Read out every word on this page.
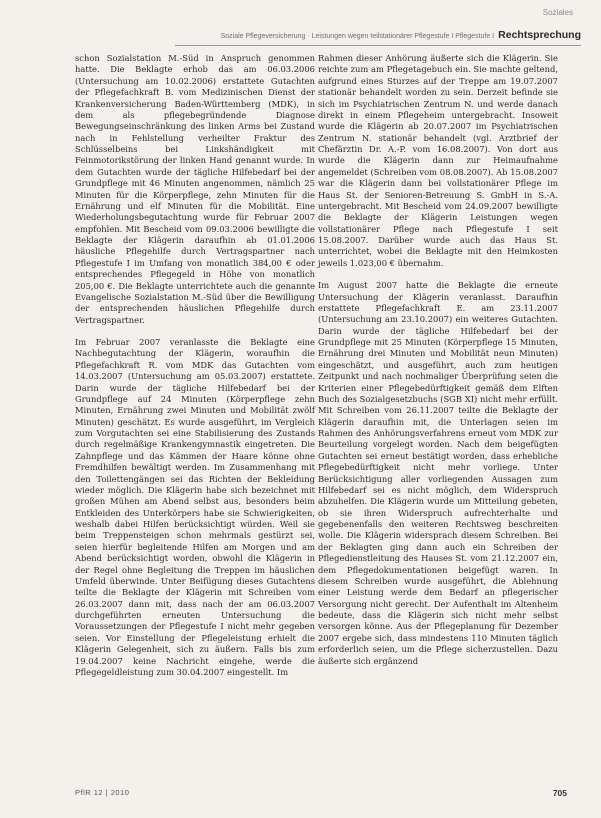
Soziales
Soziale Pflegeversicherung · Leistungen wegen teilstationärer Pflegestufe I Pflegestufe I Rechtsprechung

schon Sozialstation M.-Süd in Anspruch genommen hatte. Die Beklagte erhob das am 06.03.2006 (Untersuchung am 10.02.2006) erstattete Gutachten der Pflegefachkraft B. vom Medizinischen Dienst der Krankenversicherung Baden-Württemberg (MDK), in dem als pflegebegründende Diagnose Bewegungseinschränkung des linken Arms bei Zustand nach in Fehlstellung verheilter Fraktur des Schlüsselbeins bei Linkshändigkeit mit Feinmotorikstörung der linken Hand genannt wurde. In dem Gutachten wurde der tägliche Hilfebedarf bei der Grundpflege mit 46 Minuten angenommen, nämlich 25 Minuten für die Körperpflege, zehn Minuten für die Ernährung und elf Minuten für die Mobilität. Eine Wiederholungsbegutachtung wurde für Februar 2007 empfohlen. Mit Bescheid vom 09.03.2006 bewilligte die Beklagte der Klägerin daraufhin ab 01.01.2006 häusliche Pflegehilfe durch Vertragspartner nach Pflegestufe I im Umfang von monatlich 384,00 € oder entsprechendes Pflegegeld in Höhe von monatlich 205,00 €. Die Beklagte unterrichtete auch die genannte Evangelische Sozialstation M.-Süd über die Bewilligung der entsprechenden häuslichen Pflegehilfe durch Vertragspartner.

Im Februar 2007 veranlasste die Beklagte eine Nachbegutachtung der Klägerin, woraufhin die Pflegefachkraft R. vom MDK das Gutachten vom 14.03.2007 (Untersuchung am 05.03.2007) erstattete. Darin wurde der tägliche Hilfebedarf bei der Grundpflege auf 24 Minuten (Körperpflege zehn Minuten, Ernährung zwei Minuten und Mobilität zwölf Minuten) geschätzt. Es wurde ausgeführt, im Vergleich zum Vorgutachten sei eine Stabilisierung des Zustands durch regelmäßige Krankengymnastik eingetreten. Die Zahnpflege und das Kämmen der Haare könne ohne Fremdhilfen bewältigt werden. Im Zusammenhang mit den Toilettengängen sei das Richten der Bekleidung wieder möglich. Die Klägerin habe sich bezeichnet mit großen Mühen am Abend selbst aus, besonders beim Entkleiden des Unterkörpers habe sie Schwierigkeiten, weshalb dabei Hilfen berücksichtigt würden. Weil sie beim Treppensteigen schon mehrmals gestürzt sei, seien hierfür begleitende Hilfen am Morgen und am Abend berücksichtigt worden, obwohl die Klägerin in der Regel ohne Begleitung die Treppen im häuslichen Umfeld überwinde. Unter Beifügung dieses Gutachtens teilte die Beklagte der Klägerin mit Schreiben vom 26.03.2007 dann mit, dass nach der am 06.03.2007 durchgeführten erneuten Untersuchung die Voraussetzungen der Pflegestufe I nicht mehr gegeben seien. Vor Einstellung der Pflegeleistung erhielt die Klägerin Gelegenheit, sich zu äußern. Falls bis zum 19.04.2007 keine Nachricht eingehe, werde die Pflegegeldleistung zum 30.04.2007 eingestellt. Im

Rahmen dieser Anhörung äußerte sich die Klägerin. Sie reichte zum am Pflegetagebuch ein. Sie machte geltend, aufgrund eines Sturzes auf der Treppe am 19.07.2007 stationär behandelt worden zu sein. Derzeit befinde sie sich im Psychiatrischen Zentrum N. und werde danach direkt in einem Pflegeheim untergebracht. Insoweit wurde die Klägerin ab 20.07.2007 im Psychiatrischen Zentrum N. stationär behandelt (vgl. Arztbrief der Chefärztin Dr. A.-P. vom 16.08.2007). Von dort aus wurde die Klägerin dann zur Heimaufnahme angemeldet (Schreiben vom 08.08.2007). Ab 15.08.2007 war die Klägerin dann bei vollstationärer Pflege im Haus St. der Senioren-Betreuung S. GmbH in S.-A. untergebracht. Mit Bescheid vom 24.09.2007 bewilligte die Beklagte der Klägerin Leistungen wegen vollstationärer Pflege nach Pflegestufe I seit 15.08.2007. Darüber wurde auch das Haus St. unterrichtet, wobei die Beklagte mit den Heimkosten jeweils 1.023,00 € übernahm.

Im August 2007 hatte die Beklagte die erneute Untersuchung der Klägerin veranlasst. Daraufhin erstattete Pflegefachkraft E. am 23.11.2007 (Untersuchung am 23.10.2007) ein weiteres Gutachten. Darin wurde der tägliche Hilfebedarf bei der Grundpflege mit 25 Minuten (Körperpflege 15 Minuten, Ernährung drei Minuten und Mobilität neun Minuten) eingeschätzt, und ausgeführt, auch zum heutigen Zeitpunkt und nach nochmaliger Überprüfung seien die Kriterien einer Pflegebedürftigkeit gemäß dem Elften Buch des Sozialgesetzbuchs (SGB XI) nicht mehr erfüllt. Mit Schreiben vom 26.11.2007 teilte die Beklagte der Klägerin daraufhin mit, die Unterlagen seien im Rahmen des Anhörungsverfahrens erneut vom MDK zur Beurteilung vorgelegt worden. Nach dem beigefügten Gutachten sei erneut bestätigt worden, dass erhebliche Pflegebedürftigkeit nicht mehr vorliege. Unter Berücksichtigung aller vorliegenden Aussagen zum Hilfebedarf sei es nicht möglich, dem Widerspruch abzuhelfen. Die Klägerin wurde um Mitteilung gebeten, ob sie ihren Widerspruch aufrechterhalte und gegebenenfalls den weiteren Rechtsweg beschreiten wolle. Die Klägerin widersprach diesem Schreiben. Bei der Beklagten ging dann auch ein Schreiben der Pflegedienstleitung des Hauses St. vom 21.12.2007 ein, dem Pflegedokumentationen beigefügt waren. In diesem Schreiben wurde ausgeführt, die Ablehnung einer Leistung werde dem Bedarf an pflegerischer Versorgung nicht gerecht. Der Aufenthalt im Altenheim bedeute, dass die Klägerin sich nicht mehr selbst versorgen könne. Aus der Pflegeplanung für Dezember 2007 ergebe sich, dass mindestens 110 Minuten täglich erforderlich seien, um die Pflege sicherzustellen. Dazu äußerte sich ergänzend

PflR 12 | 2010	705
